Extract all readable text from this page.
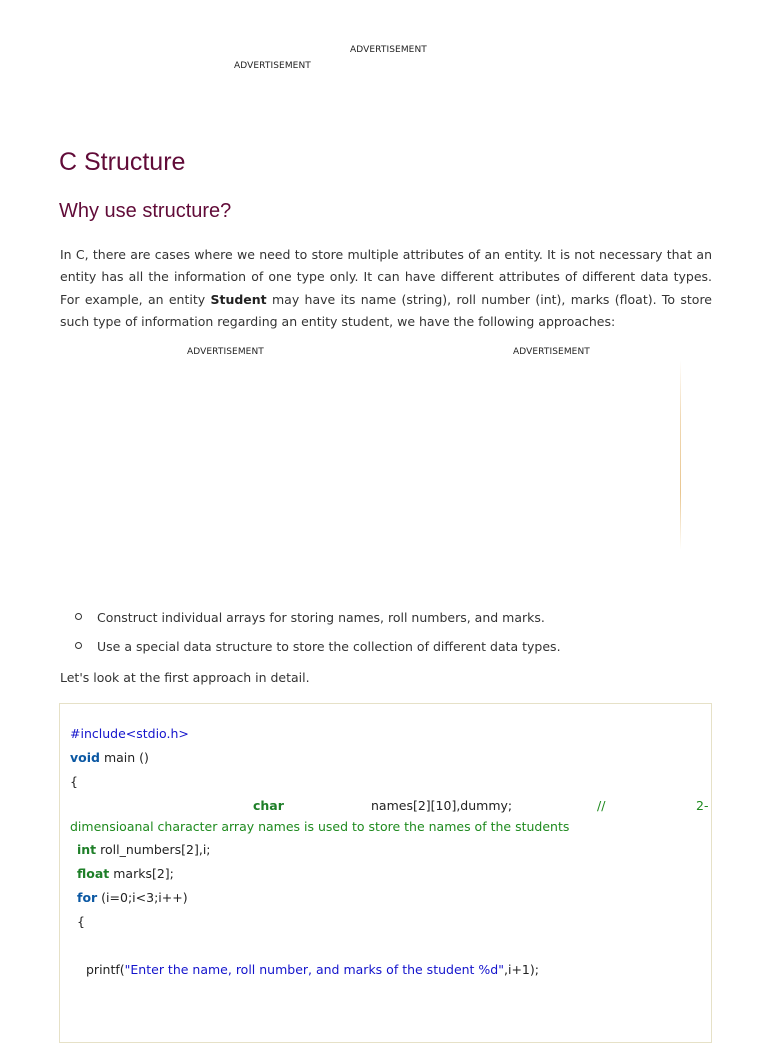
ADVERTISEMENT
ADVERTISEMENT
C Structure
Why use structure?

In C, there are cases where we need to store multiple attributes of an entity. It is not necessary that an entity has all the information of one type only. It can have different attributes of different data types. For example, an entity Student may have its name (string), roll number (int), marks (float). To store such type of information regarding an entity student, we have the following approaches:

ADVERTISEMENT	ADVERTISEMENT
Construct individual arrays for storing names, roll numbers, and marks.
Use a special data structure to store the collection of different data types.

Let's look at the first approach in detail.

#include<stdio.h>
void main ()
{
char	names[2][10],dummy;	//	2-
dimensioanal character array names is used to store the names of the students
int roll_numbers[2],i;
float marks[2];
for (i=0;i<3;i++)
{
printf("Enter the name, roll number, and marks of the student %d",i+1);
